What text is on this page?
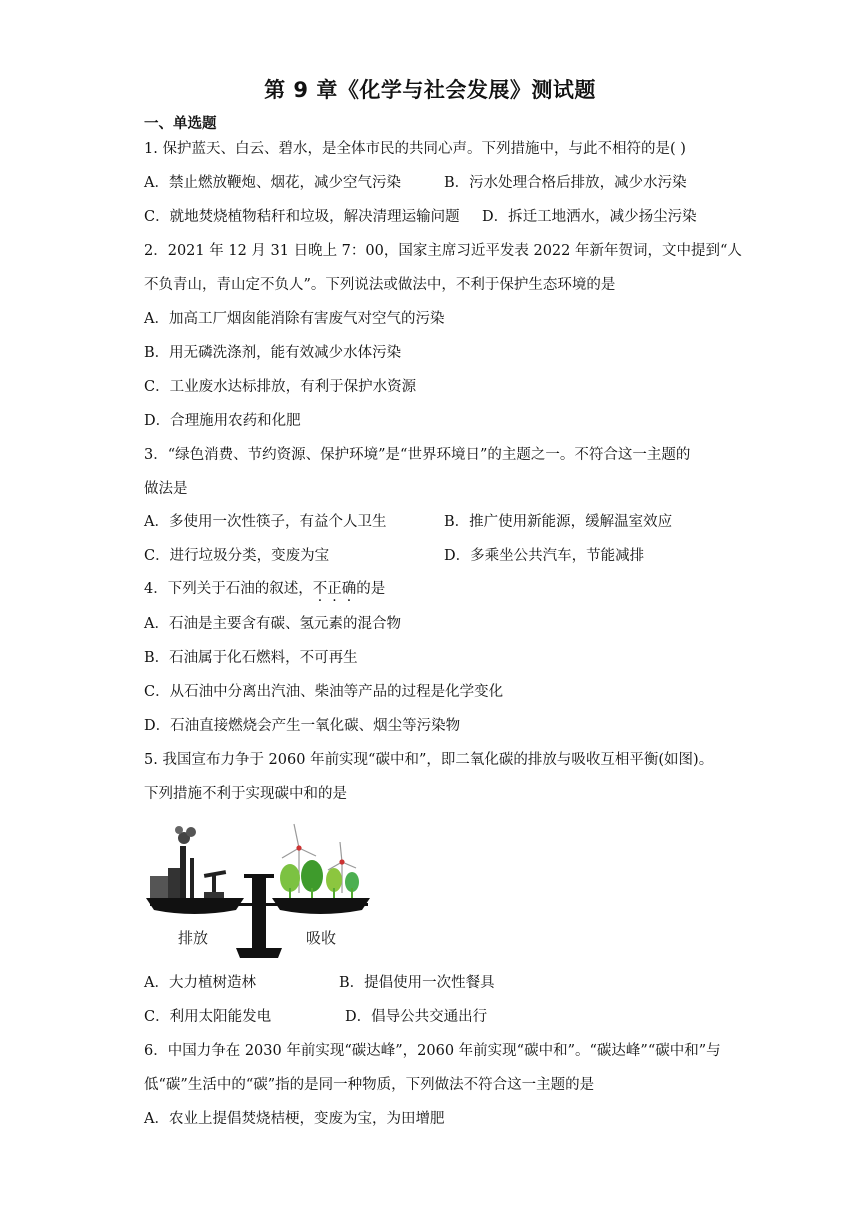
第 9 章《化学与社会发展》测试题
一、单选题
1. 保护蓝天、白云、碧水，是全体市民的共同心声。下列措施中，与此不相符的是( )
A．禁止燃放鞭炮、烟花，减少空气污染	B．污水处理合格后排放，减少水污染
C．就地焚烧植物秸秆和垃圾，解决清理运输问题 D．拆迁工地洒水，减少扬尘污染
2．2021 年 12 月 31 日晚上 7：00，国家主席习近平发表 2022 年新年贺词，文中提到“人
不负青山，青山定不负人”。下列说法或做法中，不利于保护生态环境的是
A．加高工厂烟囱能消除有害废气对空气的污染
B．用无磷洗涤剂，能有效减少水体污染
C．工业废水达标排放，有利于保护水资源
D．合理施用农药和化肥
3．“绿色消费、节约资源、保护环境”是“世界环境日”的主题之一。不符合这一主题的
做法是
A．多使用一次性筷子，有益个人卫生	B．推广使用新能源，缓解温室效应
C．进行垃圾分类，变废为宝	D．多乘坐公共汽车，节能减排
4．下列关于石油的叙述，不正确的是
A．石油是主要含有碳、氢元素的混合物
B．石油属于化石燃料，不可再生
C．从石油中分离出汽油、柴油等产品的过程是化学变化
D．石油直接燃烧会产生一氧化碳、烟尘等污染物
5. 我国宣布力争于 2060 年前实现“碳中和”，即二氧化碳的排放与吸收互相平衡(如图)。
下列措施不利于实现碳中和的是
排放	吸收
A．大力植树造林	B．提倡使用一次性餐具
C．利用太阳能发电	D．倡导公共交通出行
6．中国力争在 2030 年前实现“碳达峰”，2060 年前实现“碳中和”。“碳达峰”“碳中和”与
低“碳”生活中的“碳”指的是同一种物质，下列做法不符合这一主题的是
A．农业上提倡焚烧桔梗，变废为宝，为田增肥
